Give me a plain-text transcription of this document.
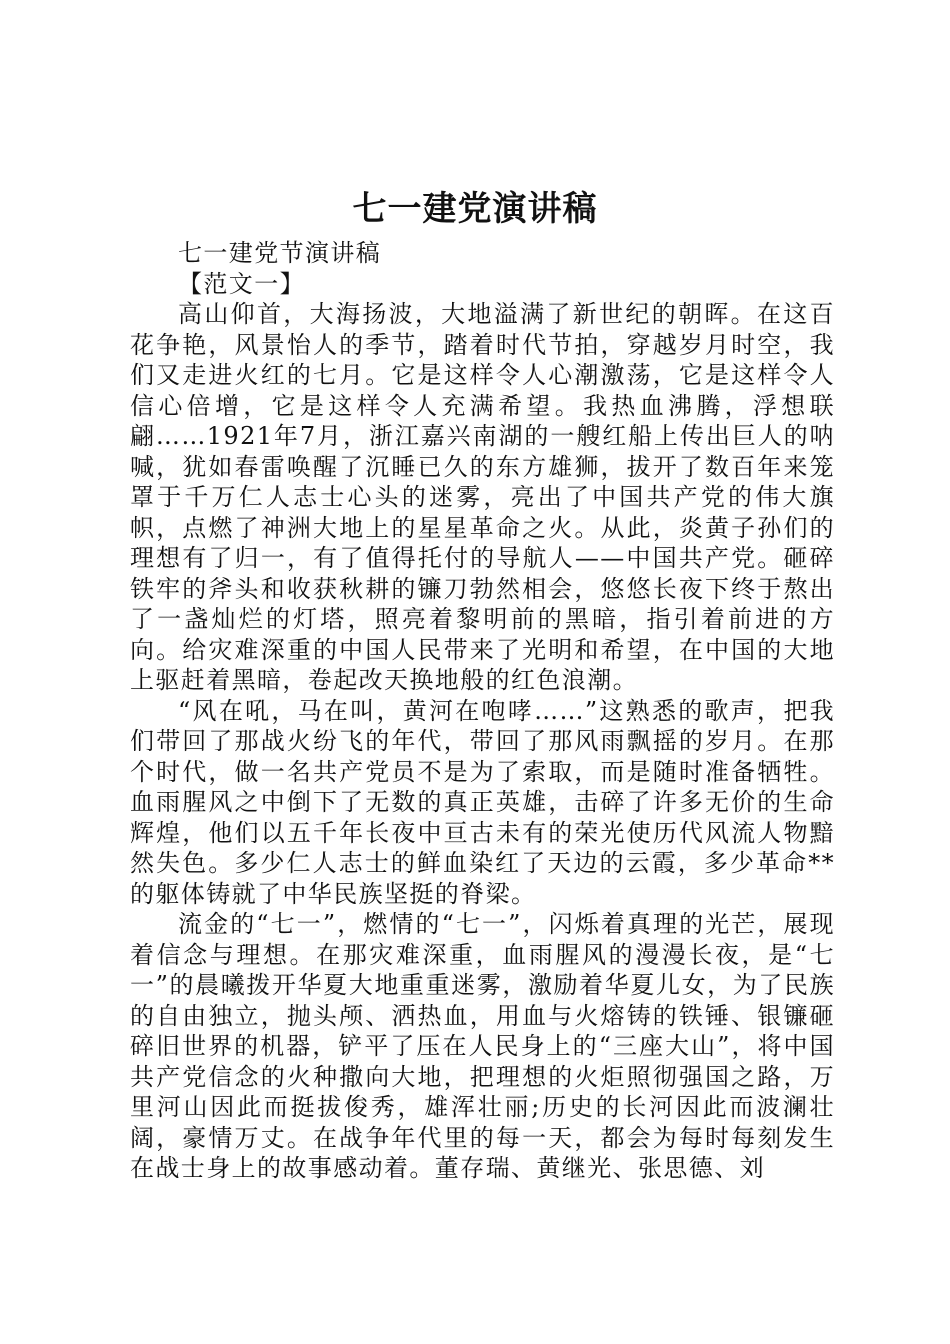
七一建党演讲稿

七一建党节演讲稿

【范文一】

高山仰首，大海扬波，大地溢满了新世纪的朝晖。在这百花争艳，风景怡人的季节，踏着时代节拍，穿越岁月时空，我们又走进火红的七月。它是这样令人心潮激荡，它是这样令人信心倍增，它是这样令人充满希望。我热血沸腾，浮想联翩……1921年7月，浙江嘉兴南湖的一艘红船上传出巨人的呐喊，犹如春雷唤醒了沉睡已久的东方雄狮，拔开了数百年来笼罩于千万仁人志士心头的迷雾，亮出了中国共产党的伟大旗帜，点燃了神洲大地上的星星革命之火。从此，炎黄子孙们的理想有了归一，有了值得托付的导航人——中国共产党。砸碎铁牢的斧头和收获秋耕的镰刀勃然相会，悠悠长夜下终于熬出了一盏灿烂的灯塔，照亮着黎明前的黑暗，指引着前进的方向。给灾难深重的中国人民带来了光明和希望，在中国的大地上驱赶着黑暗，卷起改天换地般的红色浪潮。

“风在吼，马在叫，黄河在咆哮……”这熟悉的歌声，把我们带回了那战火纷飞的年代，带回了那风雨飘摇的岁月。在那个时代，做一名共产党员不是为了索取，而是随时准备牺牲。血雨腥风之中倒下了无数的真正英雄，击碎了许多无价的生命辉煌，他们以五千年长夜中亘古未有的荣光使历代风流人物黯然失色。多少仁人志士的鲜血染红了天边的云霞，多少革命**的躯体铸就了中华民族坚挺的脊梁。

流金的“七一”，燃情的“七一”，闪烁着真理的光芒，展现着信念与理想。在那灾难深重，血雨腥风的漫漫长夜，是“七一”的晨曦拨开华夏大地重重迷雾，激励着华夏儿女，为了民族的自由独立，抛头颅、洒热血，用血与火熔铸的铁锤、银镰砸碎旧世界的机器，铲平了压在人民身上的“三座大山”，将中国共产党信念的火种撒向大地，把理想的火炬照彻强国之路，万里河山因此而挺拔俊秀，雄浑壮丽;历史的长河因此而波澜壮阔，豪情万丈。在战争年代里的每一天，都会为每时每刻发生在战士身上的故事感动着。董存瑞、黄继光、张思德、刘
